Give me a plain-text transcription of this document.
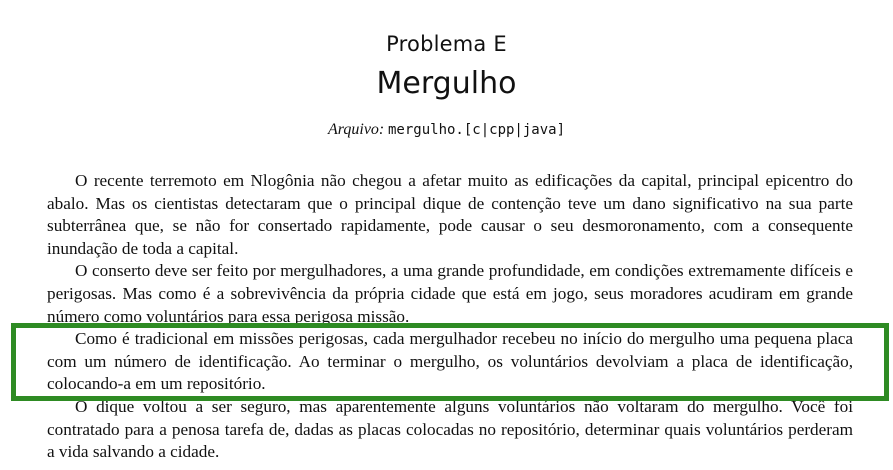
Problema E
Mergulho
Arquivo: mergulho.[c|cpp|java]

O recente terremoto em Nlogônia não chegou a afetar muito as edificações da capital, principal epicentro do abalo. Mas os cientistas detectaram que o principal dique de contenção teve um dano significativo na sua parte subterrânea que, se não for consertado rapidamente, pode causar o seu desmoronamento, com a consequente inundação de toda a capital.

O conserto deve ser feito por mergulhadores, a uma grande profundidade, em condições extremamente difíceis e perigosas. Mas como é a sobrevivência da própria cidade que está em jogo, seus moradores acudiram em grande número como voluntários para essa perigosa missão.

Como é tradicional em missões perigosas, cada mergulhador recebeu no início do mergulho uma pequena placa com um número de identificação. Ao terminar o mergulho, os voluntários devolviam a placa de identificação, colocando-a em um repositório.

O dique voltou a ser seguro, mas aparentemente alguns voluntários não voltaram do mergulho. Você foi contratado para a penosa tarefa de, dadas as placas colocadas no repositório, determinar quais voluntários perderam a vida salvando a cidade.
